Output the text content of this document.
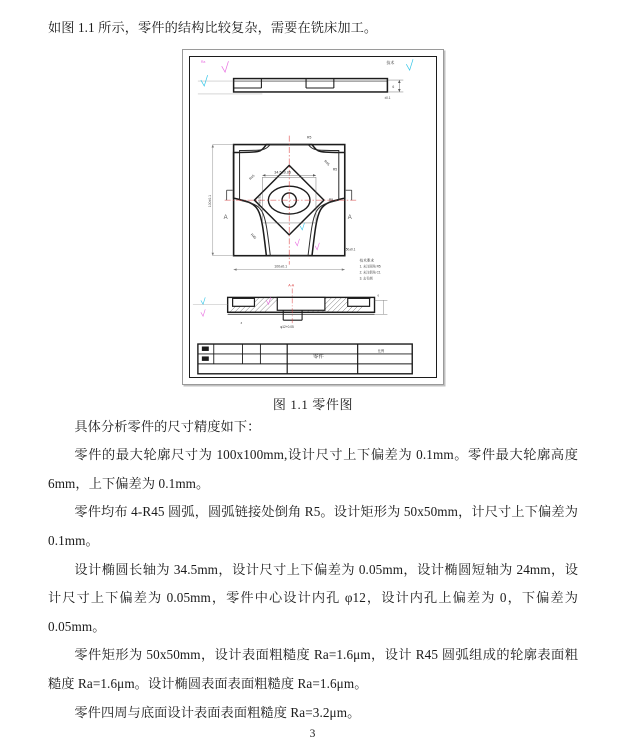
如图 1.1 所示，零件的结构比较复杂，需要在铣床加工。

Ra	技术
6
±0.1
34.5±0.05
24±0.05
R45
R45
R45
R5
R5
R5
100±0.1
100±0.1
A	A
50±0.1
技术要求
1. 未注圆角 R5
2. 未注倒角 C1
3. 去毛刺
A-A
φ12+0.05
6
3
零件
比例
图 1.1 零件图

具体分析零件的尺寸精度如下：

零件的最大轮廓尺寸为 100x100mm,设计尺寸上下偏差为 0.1mm。零件最大轮廓高度 6mm，上下偏差为 0.1mm。

零件均布 4-R45 圆弧，圆弧链接处倒角 R5。设计矩形为 50x50mm，计尺寸上下偏差为 0.1mm。

设计椭圆长轴为 34.5mm，设计尺寸上下偏差为 0.05mm，设计椭圆短轴为 24mm，设计尺寸上下偏差为 0.05mm，零件中心设计内孔 φ12，设计内孔上偏差为 0，下偏差为 0.05mm。

零件矩形为 50x50mm，设计表面粗糙度 Ra=1.6μm，设计 R45 圆弧组成的轮廓表面粗糙度 Ra=1.6μm。设计椭圆表面表面粗糙度 Ra=1.6μm。

零件四周与底面设计表面表面粗糙度 Ra=3.2μm。

3
